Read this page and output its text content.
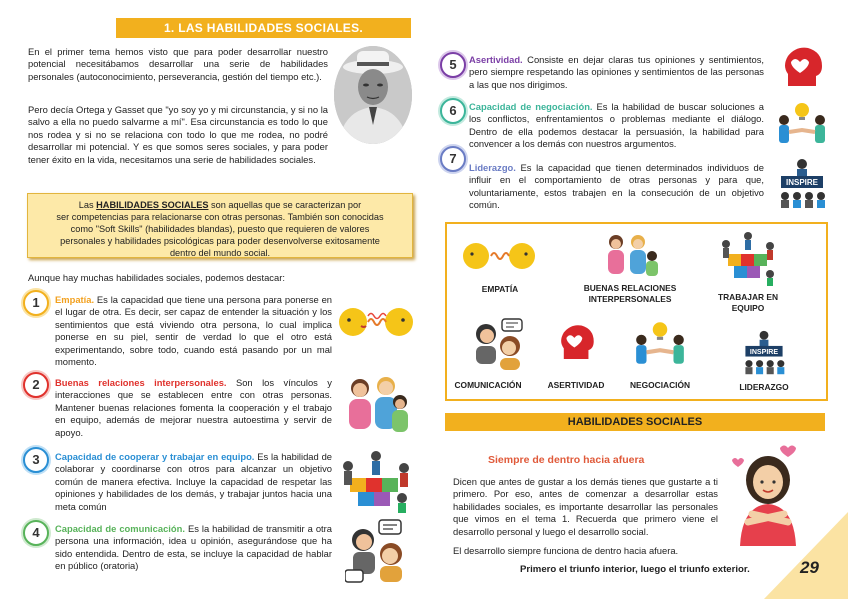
1. LAS HABILIDADES SOCIALES.

En el primer tema hemos visto que para poder desarrollar nuestro potencial necesitábamos desarrollar una serie de habilidades personales (autoconocimiento, perseverancia, gestión del tiempo etc.).

Pero decía Ortega y Gasset que "yo soy yo y mi circunstancia, y si no la salvo a ella no puedo salvarme a mí". Esa circunstancia es todo lo que nos rodea y si no se relaciona con todo lo que me rodea, no podré desarrollar mi potencial. Y es que somos seres sociales, y para poder tener éxito en la vida, necesitamos una serie de habilidades sociales.

Las HABILIDADES SOCIALES son aquellas que se caracterizan por
ser competencias para relacionarse con otras personas. También son conocidas
como "Soft Skills" (habilidades blandas), puesto que requieren de valores
personales y habilidades psicológicas para poder desenvolverse exitosamente
dentro del mundo social.

Aunque hay muchas habilidades sociales, podemos destacar:

1	Empatía. Es la capacidad que tiene una persona para ponerse en el lugar de otra. Es decir, ser capaz de entender la situación y los sentimientos que está viviendo otra persona, lo cual implica ponerse en su piel, sentir de verdad lo que el otro está experimentando, sobre todo, cuando está pasando por un mal momento.

2	Buenas relaciones interpersonales. Son los vínculos y interacciones que se establecen entre con otras personas. Mantener buenas relaciones fomenta la cooperación y el trabajo en equipo, además de mejorar nuestra autoestima y servir de apoyo.

3	Capacidad de cooperar y trabajar en equipo. Es la habilidad de colaborar y coordinarse con otros para alcanzar un objetivo común de manera efectiva. Incluye la capacidad de respetar las opiniones y habilidades de los demás, y trabajar juntos hacia una meta común

4	Capacidad de comunicación. Es la habilidad de transmitir a otra persona una información, idea u opinión, asegurándose que ha sido entendida. Dentro de esta, se incluye la capacidad de hablar en público (oratoria)

5	Asertividad. Consiste en dejar claras tus opiniones y sentimientos, pero siempre respetando las opiniones y sentimientos de las personas a las que nos dirigimos.

6	Capacidad de negociación. Es la habilidad de buscar soluciones a los conflictos, enfrentamientos o problemas mediante el diálogo. Dentro de ella podemos destacar la persuasión, la habilidad para convencer a los demás con nuestros argumentos.

7

Liderazgo. Es la capacidad que tienen determinados individuos de influir en el comportamiento de otras personas y para que, voluntariamente, estos trabajen en la consecución de un objetivo común.

INSPIRE
EMPATÍA	BUENAS RELACIONES
INTERPERSONALES	TRABAJAR EN
EQUIPO
COMUNICACIÓN	ASERTIVIDAD	NEGOCIACIÓN
INSPIRE
LIDERAZGO
HABILIDADES SOCIALES
Siempre de dentro hacia afuera

Dicen que antes de gustar a los demás tienes que gustarte a ti primero. Por eso, antes de comenzar a desarrollar estas habilidades sociales, es importante desarrollar las personales que vimos en el tema 1. Recuerda que primero viene el desarrollo personal y luego el desarrollo social.

El desarrollo siempre funciona de dentro hacia afuera.

Primero el triunfo interior, luego el triunfo exterior.	29
